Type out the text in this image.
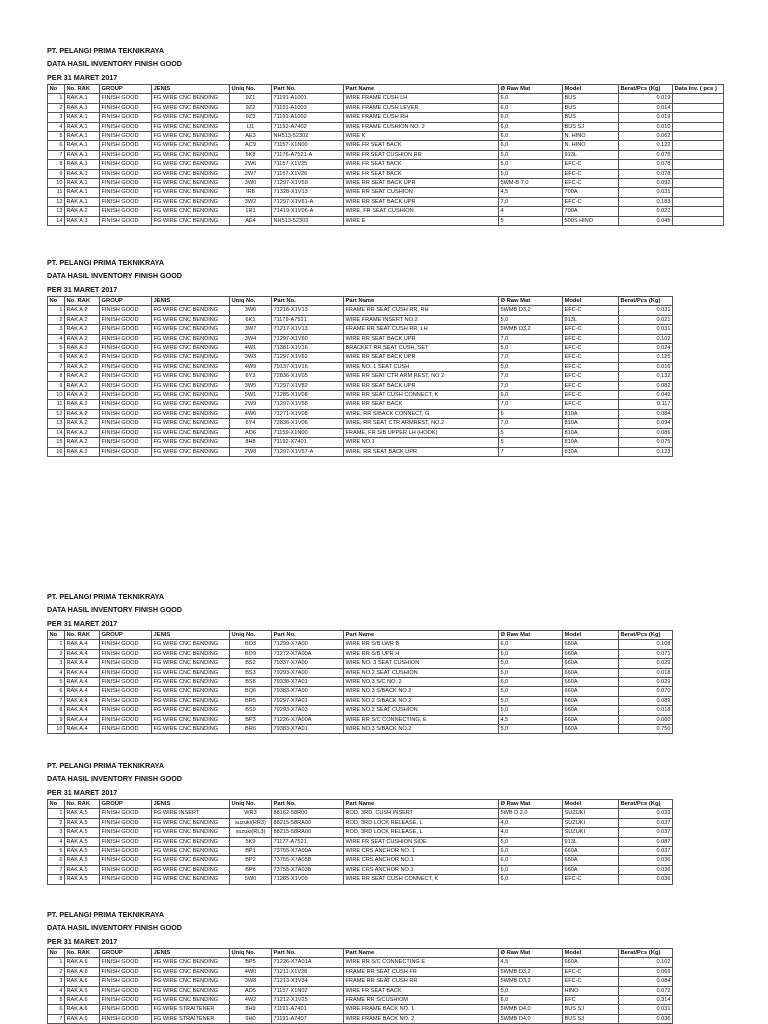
PT. PELANGI PRIMA TEKNIKRAYA
DATA HASIL INVENTORY FINISH GOOD
PER 31 MARET 2017
No	No. RAK	GROUP	JENIS	Uniq No.	Part No.	Part Name	Ø Raw Mat	Model	Berat/Pcs (Kg)	Data Inv. ( pcs )
1	RAK A.1	FINISH GOOD	FG WIRE CNC BENDING	9Z1	71191-A1001	WIRE FRAME CUSH LH	6,0	BUS	0.019	
2	RAK A.1	FINISH GOOD	FG WIRE CNC BENDING	9Z2	71191-A1003	WIRE FRAME CUSH LEVER	6,0	BUS	0.014	
3	RAK A.1	FINISH GOOD	FG WIRE CNC BENDING	9Z3	71191-A1002	WIRE FRAME CUSH RH	6,0	BUS	0.019	
4	RAK A.1	FINISH GOOD	FG WIRE CNC BENDING	IJ1	71192-A7402	WIRE FRAME CUSHION NO. 2	6,0	BUS SJ	0.010	
5	RAK A.1	FINISH GOOD	FG WIRE CNC BENDING	AE3	NH513-52302	WIRE K	6,0	N. HINO	0.062	
6	RAK A.1	FINISH GOOD	FG WIRE CNC BENDING	AC9	71157-X1N00	WIRE FR SEAT BACK	6,0	N. HINO	0.122	
7	RAK A.1	FINISH GOOD	FG WIRE CNC BENDING	5K8	71176-A7521-A	WIRE FR SEAT CUSHION RR	5,0	913L	0.075	
8	RAK A.1	FINISH GOOD	FG WIRE CNC BENDING	2W6	71157-X1V25	WIRE FR SEAT BACK	5,0	EFC-C	0.078	
9	RAK A.1	FINISH GOOD	FG WIRE CNC BENDING	2W7	71157-X1V26	WIRE FR SEAT BACK	5,0	EFC-C	0.078	
10	RAK A.1	FINISH GOOD	FG WIRE CNC BENDING	3W0	71297-X1V59	WIRE RR SEAT BACK UPR	5WM-B 7,0	EFC-C	0.092	
11	RAK A.1	FINISH GOOD	FG WIRE CNC BENDING	IR8	71328-X1V13	WIRE RR SEAT CUSHION	4,5	700A	0.031	
12	RAK A.1	FINISH GOOD	FG WIRE CNC BENDING	3W2	71297-X1V61-A	WIRE RR SEAT BACK UPR	7,0	EFC-C	0.183	
13	RAK A.2	FINISH GOOD	FG WIRE CNC BENDING	1R1	71419-X1V06-A	WIRE, FR SEAT CUSHION	4	700A	0.022	
14	RAK A.3	FINISH GOOD	FG WIRE CNC BENDING	AE4	NH513-52303	WIRE E	5	500S HINO	0.045	
PT. PELANGI PRIMA TEKNIKRAYA
DATA HASIL INVENTORY FINISH GOOD
PER 31 MARET 2017
No	No. RAK	GROUP	JENIS	Uniq No.	Part No.	Part Name	Ø Raw Mat	Model	Berat/Pcs (Kg)
1	RAK A.2	FINISH GOOD	FG WIRE CNC BENDING	3W6	71216-X1V13	FRAME RR SEAT CUSH RR, RH	5WMB D3,2	EFC-C	0.031
2	RAK A.2	FINISH GOOD	FG WIRE CNC BENDING	6K1	71179-A7521	WIRE FRAME INSERT NO.2	5,0	913L	0.021
3	RAK A.2	FINISH GOOD	FG WIRE CNC BENDING	3W7	71217-X1V13	FRAME RR SEAT CUSH RR, LH	5WMB D3,2	EFC-C	0.031
4	RAK A.2	FINISH GOOD	FG WIRE CNC BENDING	3W4	71297-X1V60	WIRE RR SEAT BACK UPR	7,0	EFC-C	0.102
5	RAK A.2	FINISH GOOD	FG WIRE CNC BENDING	4W1	71381-X1V16	BRACKET RR SEAT CUSH, SET	5,0	EFC-C	0.024
6	RAK A.2	FINISH GOOD	FG WIRE CNC BENDING	3W3	71297-X1V62	WIRE RR SEAT BACK UPR	7,0	EFC-C	0.125
7	RAK A.2	FINISH GOOD	FG WIRE CNC BENDING	4W9	79137-X1V16	WIRE NO. 1 SEAT CUSH	5,0	EFC-C	0.016
8	RAK A.2	FINISH GOOD	FG WIRE CNC BENDING	6Y3	72836-X1V05	WIRE RR SEAT CTR ARM REST, NO 2	7,0	EFC-C	0.132
9	RAK A.2	FINISH GOOD	FG WIRE CNC BENDING	3W5	71297-X1V82	WIRE RR SEAT BACK UPR	7,0	EFC-C	0.082
10	RAK A.2	FINISH GOOD	FG WIRE CNC BENDING	5W1	71285-X1V08	WIRE RR SEAT CUSH CONNECT, K	6,0	EFC-C	0.049
11	RAK A.2	FINISH GOOD	FG WIRE CNC BENDING	2W9	71297-X1V58	WIRE RR SEAT BACK	7,0	EFC-C	0.117
12	RAK A.2	FINISH GOOD	FG WIRE CNC BENDING	4W6	71271-X1V08	WIRE, RR S/BACK CONNECT, G	6	810A	0.084
13	RAK A.2	FINISH GOOD	FG WIRE CNC BENDING	6Y4	72836-X1V06	WIRE, RR SEAT CTR ARMREST, NO.2	7,0	810A	0.094
14	RAK A.2	FINISH GOOD	FG WIRE CNC BENDING	AD6	71159-X1N00	FRAME, FR S/B UPPER LH (HOOK)	5	810A	0.086
15	RAK A.2	FINISH GOOD	FG WIRE CNC BENDING	8H8	71192-X7401	WIRE NO.1	5	810A	0.075
16	RAK A.2	FINISH GOOD	FG WIRE CNC BENDING	2W8	71297-X1V57-A	WIRE, RR SEAT BACK UPR	7	810A	0.123
PT. PELANGI PRIMA TEKNIKRAYA
DATA HASIL INVENTORY FINISH GOOD
PER 31 MARET 2017
No	No. RAK	GROUP	JENIS	Uniq No.	Part No.	Part Name	Ø Raw Mat	Model	Berat/Pcs (Kg)
1	RAK A.4	FINISH GOOD	FG WIRE CNC BENDING	BO3	71299-X7A00	WIRE RR S/B LWR B	6,0	660A	0.108
2	RAK A.4	FINISH GOOD	FG WIRE CNC BENDING	BO9	71272-X7A00A	WIRE RR S/B UPR H	6,0	660A	0.071
3	RAK A.4	FINISH GOOD	FG WIRE CNC BENDING	BS2	79337-X7A00	WIRE NO. 3 SEAT CUSHION	5,0	660A	0.029
4	RAK A.4	FINISH GOOD	FG WIRE CNC BENDING	BS3	79293-X7A00	WIRE NO.2 SEAT CUSHION	5,0	660A	0.018
5	RAK A.4	FINISH GOOD	FG WIRE CNC BENDING	BS8	79338-X7A01	WIRE NO.3 S/C NO. 2	6,0	660A	0.029
6	RAK A.4	FINISH GOOD	FG WIRE CNC BENDING	BQ6	79383-X7A00	WIRE NO.3 S/BACK NO 2	5,0	660A	0.070
7	RAK A.4	FINISH GOOD	FG WIRE CNC BENDING	BR5	79297-X7A01	WIRE NO.2 S/BACK NO 2	5,0	660A	0.089
8	RAK A.4	FINISH GOOD	FG WIRE CNC BENDING	BS9	79293-X7A03	WIRE NO.2 SEAT CUSHION	5,0	660A	0.018
9	RAK A.4	FINISH GOOD	FG WIRE CNC BENDING	BP3	71226-X7A00A	WIRE RR S/C CONNECTING, E	4,5	660A	0.060
10	RAK A.4	FINISH GOOD	FG WIRE CNC BENDING	BR6	79383-X7A01	WIRE NO.3 S/BACK NO.2	5,0	660A	0.750
PT. PELANGI PRIMA TEKNIKRAYA
DATA HASIL INVENTORY FINISH GOOD
PER 31 MARET 2017
No	No. RAK	GROUP	JENIS	Uniq No.	Part No.	Part Name	Ø Raw Mat	Model	Berat/Pcs (Kg)
1	RAK A.5	FINISH GOOD	FG WIRE INSERT	WR3	88162-58R00	ROD, 3RD, CUSH INSERT	5WB D.2,0	SUZUKI	0.033
2	RAK A.5	FINISH GOOD	FG WIRE CNC BENDING	suzuki(RR3)	88215-58RA00	ROD, 3RD LOCK RELEASE, L	4,0	SUZUKI	0.037
3	RAK A.5	FINISH GOOD	FG WIRE CNC BENDING	suzuki(RL3)	88215-58RA00	ROD, 3RD LOCK RELEASE, L	4,0	SUZUKI	0.037
4	RAK A.5	FINISH GOOD	FG WIRE CNC BENDING	5K9	71177-A7521	WIRE FR SEAT CUSHION SIDE	5,0	913L	0.087
5	RAK A.5	FINISH GOOD	FG WIRE CNC BENDING	BP1	73755-X7A00A	WIRE CRS ANCHOR NO. 1	6,0	660A	0.037
6	RAK A.5	FINISH GOOD	FG WIRE CNC BENDING	BP2	73755-X7A05B	WIRE CRS ANCHOR NO.1	6,0	660A	0.036
7	RAK A.5	FINISH GOOD	FG WIRE CNC BENDING	BP6	73755-X7A03B	WIRE CRS ANCHOR NO.1	6,0	660A	0.036
8	RAK A.5	FINISH GOOD	FG WIRE CNC BENDING	5W0	71285-X1V09	WIRE RR SEAT CUSH CONNECT, K	6,0	EFC-C	0.036
PT. PELANGI PRIMA TEKNIKRAYA
DATA HASIL INVENTORY FINISH GOOD
PER 31 MARET 2017
No	No. RAK	GROUP	JENIS	Uniq No.	Part No.	Part Name	Ø Raw Mat	Model	Berat/Pcs (Kg)
1	RAK A.6	FINISH GOOD	FG WIRE CNC BENDING	BP5	71226-X7A01A	WIRE RR S/C CONNECTING E	4,5	660A	0.102
2	RAK A.6	FINISH GOOD	FG WIRE CNC BENDING	4W0	71211-X1V28	FRAME RR SEAT CUSH FR	5WMB D3,2	EFC-C	0.069
3	RAK A.6	FINISH GOOD	FG WIRE CNC BENDING	3W8	71213-X1V34	FRAME RR SEAT CUSH RR	5WMB D3,2	EFC-C	0.084
4	RAK A.6	FINISH GOOD	FG WIRE CNC BENDING	AD5	71157-X1N02	WIRE FR SEAT BACK	5,0	HINO	0.072
5	RAK A.6	FINISH GOOD	FG WIRE CNC BENDING	4W2	71212-X1V25	FRAME RR S/CUSHIOM	6,0	EFC	0.314
6	RAK A.6	FINISH GOOD	FG WIRE STRAITENER	8H9	71191-A7401	WIRE FRAME BACK NO. 1	5WMB D4,0	BUS SJ	0.031
7	RAK A.6	FINISH GOOD	FG WIRE STRAITENER	9H0	71191-A7407	WIRE FRAME BACK NO. 2	5WMB D4,0	BUS SJ	0.036
